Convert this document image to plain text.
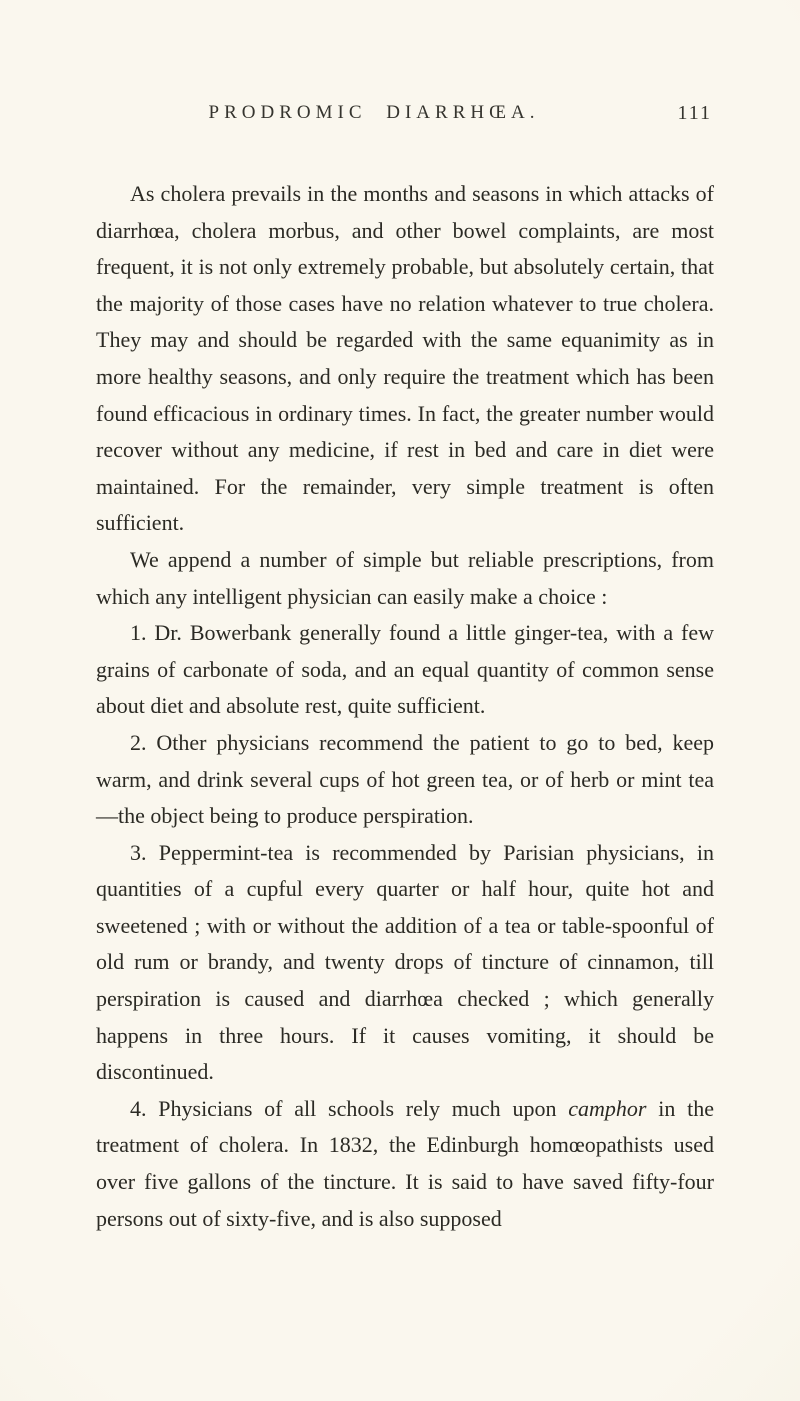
PRODROMIC DIARRHŒA.	111

As cholera prevails in the months and seasons in which attacks of diarrhœa, cholera morbus, and other bowel complaints, are most frequent, it is not only extremely probable, but absolutely certain, that the majority of those cases have no relation whatever to true cholera. They may and should be regarded with the same equanimity as in more healthy seasons, and only require the treatment which has been found efficacious in ordinary times. In fact, the greater number would recover without any medicine, if rest in bed and care in diet were maintained. For the remainder, very simple treatment is often sufficient.

We append a number of simple but reliable prescriptions, from which any intelligent physician can easily make a choice :

1. Dr. Bowerbank generally found a little ginger-tea, with a few grains of carbonate of soda, and an equal quantity of common sense about diet and absolute rest, quite sufficient.

2. Other physicians recommend the patient to go to bed, keep warm, and drink several cups of hot green tea, or of herb or mint tea—the object being to produce perspiration.

3. Peppermint-tea is recommended by Parisian physicians, in quantities of a cupful every quarter or half hour, quite hot and sweetened ; with or without the addition of a tea or table-spoonful of old rum or brandy, and twenty drops of tincture of cinnamon, till perspiration is caused and diarrhœa checked ; which generally happens in three hours. If it causes vomiting, it should be discontinued.

4. Physicians of all schools rely much upon camphor in the treatment of cholera. In 1832, the Edinburgh homœopathists used over five gallons of the tincture. It is said to have saved fifty-four persons out of sixty-five, and is also supposed
